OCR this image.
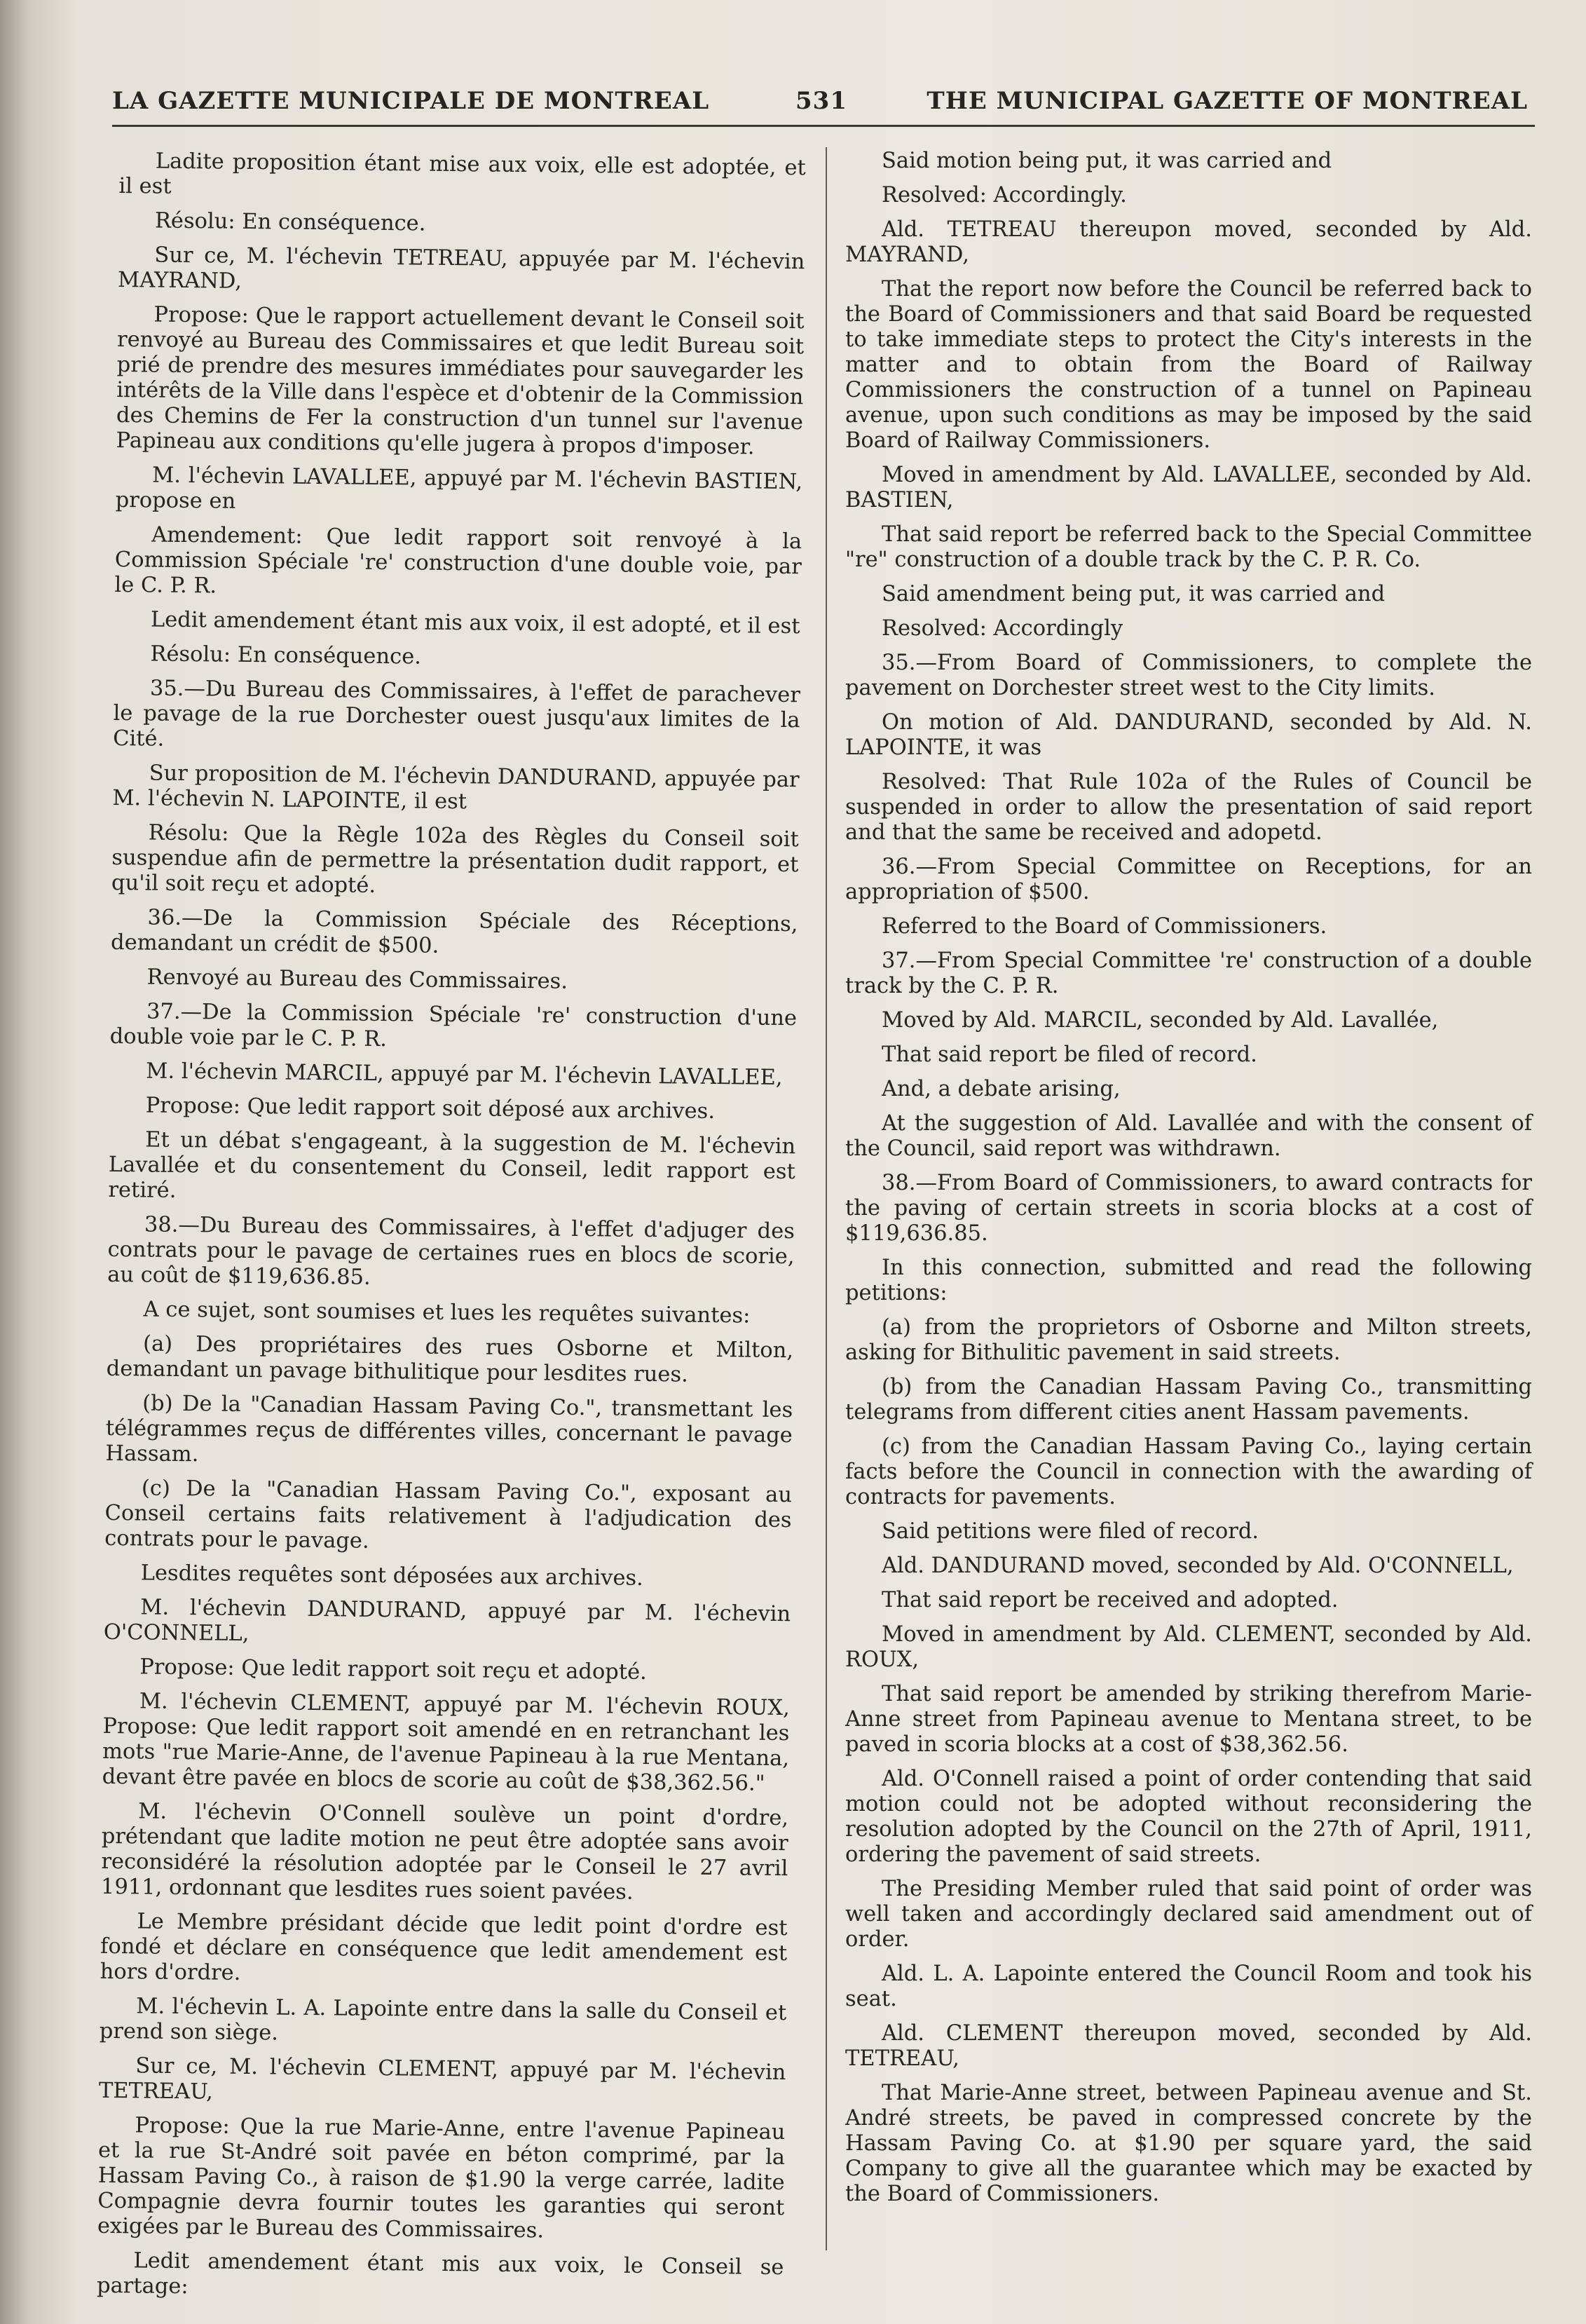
LA GAZETTE MUNICIPALE DE MONTREAL	531	THE MUNICIPAL GAZETTE OF MONTREAL

Ladite proposition étant mise aux voix, elle est adoptée, et il est

Résolu: En conséquence.

Sur ce, M. l'échevin TETREAU, appuyée par M. l'échevin MAYRAND,

Propose: Que le rapport actuellement devant le Conseil soit renvoyé au Bureau des Commissaires et que ledit Bureau soit prié de prendre des mesures immédiates pour sauvegarder les intérêts de la Ville dans l'espèce et d'obtenir de la Commission des Chemins de Fer la construction d'un tunnel sur l'avenue Papineau aux conditions qu'elle jugera à propos d'imposer.

M. l'échevin LAVALLEE, appuyé par M. l'échevin BASTIEN, propose en

Amendement: Que ledit rapport soit renvoyé à la Commission Spéciale 're' construction d'une double voie, par le C. P. R.

Ledit amendement étant mis aux voix, il est adopté, et il est

Résolu: En conséquence.

35.—Du Bureau des Commissaires, à l'effet de parachever le pavage de la rue Dorchester ouest jusqu'aux limites de la Cité.

Sur proposition de M. l'échevin DANDURAND, appuyée par M. l'échevin N. LAPOINTE, il est

Résolu: Que la Règle 102a des Règles du Conseil soit suspendue afin de permettre la présentation dudit rapport, et qu'il soit reçu et adopté.

36.—De la Commission Spéciale des Réceptions, demandant un crédit de $500.

Renvoyé au Bureau des Commissaires.

37.—De la Commission Spéciale 're' construction d'une double voie par le C. P. R.

M. l'échevin MARCIL, appuyé par M. l'échevin LAVALLEE,

Propose: Que ledit rapport soit déposé aux archives.

Et un débat s'engageant, à la suggestion de M. l'échevin Lavallée et du consentement du Conseil, ledit rapport est retiré.

38.—Du Bureau des Commissaires, à l'effet d'adjuger des contrats pour le pavage de certaines rues en blocs de scorie, au coût de $119,636.85.

A ce sujet, sont soumises et lues les requêtes suivantes:

(a) Des propriétaires des rues Osborne et Milton, demandant un pavage bithulitique pour lesdites rues.

(b) De la "Canadian Hassam Paving Co.", transmettant les télégrammes reçus de différentes villes, concernant le pavage Hassam.

(c) De la "Canadian Hassam Paving Co.", exposant au Conseil certains faits relativement à l'adjudication des contrats pour le pavage.

Lesdites requêtes sont déposées aux archives.

M. l'échevin DANDURAND, appuyé par M. l'échevin O'CONNELL,

Propose: Que ledit rapport soit reçu et adopté.

M. l'échevin CLEMENT, appuyé par M. l'échevin ROUX, Propose: Que ledit rapport soit amendé en en retranchant les mots "rue Marie-Anne, de l'avenue Papineau à la rue Mentana, devant être pavée en blocs de scorie au coût de $38,362.56."

M. l'échevin O'Connell soulève un point d'ordre, prétendant que ladite motion ne peut être adoptée sans avoir reconsidéré la résolution adoptée par le Conseil le 27 avril 1911, ordonnant que lesdites rues soient pavées.

Le Membre présidant décide que ledit point d'ordre est fondé et déclare en conséquence que ledit amendement est hors d'ordre.

M. l'échevin L. A. Lapointe entre dans la salle du Conseil et prend son siège.

Sur ce, M. l'échevin CLEMENT, appuyé par M. l'échevin TETREAU,

Propose: Que la rue Marie-Anne, entre l'avenue Papineau et la rue St-André soit pavée en béton comprimé, par la Hassam Paving Co., à raison de $1.90 la verge carrée, ladite Compagnie devra fournir toutes les garanties qui seront exigées par le Bureau des Commissaires.

Ledit amendement étant mis aux voix, le Conseil se partage:

Said motion being put, it was carried and

Resolved: Accordingly.

Ald. TETREAU thereupon moved, seconded by Ald. MAYRAND,

That the report now before the Council be referred back to the Board of Commissioners and that said Board be requested to take immediate steps to protect the City's interests in the matter and to obtain from the Board of Railway Commissioners the construction of a tunnel on Papineau avenue, upon such conditions as may be imposed by the said Board of Railway Commissioners.

Moved in amendment by Ald. LAVALLEE, seconded by Ald. BASTIEN,

That said report be referred back to the Special Committee "re" construction of a double track by the C. P. R. Co.

Said amendment being put, it was carried and

Resolved: Accordingly

35.—From Board of Commissioners, to complete the pavement on Dorchester street west to the City limits.

On motion of Ald. DANDURAND, seconded by Ald. N. LAPOINTE, it was

Resolved: That Rule 102a of the Rules of Council be suspended in order to allow the presentation of said report and that the same be received and adopetd.

36.—From Special Committee on Receptions, for an appropriation of $500.

Referred to the Board of Commissioners.

37.—From Special Committee 're' construction of a double track by the C. P. R.

Moved by Ald. MARCIL, seconded by Ald. Lavallée,

That said report be filed of record.

And, a debate arising,

At the suggestion of Ald. Lavallée and with the consent of the Council, said report was withdrawn.

38.—From Board of Commissioners, to award contracts for the paving of certain streets in scoria blocks at a cost of $119,636.85.

In this connection, submitted and read the following petitions:

(a) from the proprietors of Osborne and Milton streets, asking for Bithulitic pavement in said streets.

(b) from the Canadian Hassam Paving Co., transmitting telegrams from different cities anent Hassam pavements.

(c) from the Canadian Hassam Paving Co., laying certain facts before the Council in connection with the awarding of contracts for pavements.

Said petitions were filed of record.

Ald. DANDURAND moved, seconded by Ald. O'CONNELL,

That said report be received and adopted.

Moved in amendment by Ald. CLEMENT, seconded by Ald. ROUX,

That said report be amended by striking therefrom Marie-Anne street from Papineau avenue to Mentana street, to be paved in scoria blocks at a cost of $38,362.56.

Ald. O'Connell raised a point of order contending that said motion could not be adopted without reconsidering the resolution adopted by the Council on the 27th of April, 1911, ordering the pavement of said streets.

The Presiding Member ruled that said point of order was well taken and accordingly declared said amendment out of order.

Ald. L. A. Lapointe entered the Council Room and took his seat.

Ald. CLEMENT thereupon moved, seconded by Ald. TETREAU,

That Marie-Anne street, between Papineau avenue and St. André streets, be paved in compressed concrete by the Hassam Paving Co. at $1.90 per square yard, the said Company to give all the guarantee which may be exacted by the Board of Commissioners.
